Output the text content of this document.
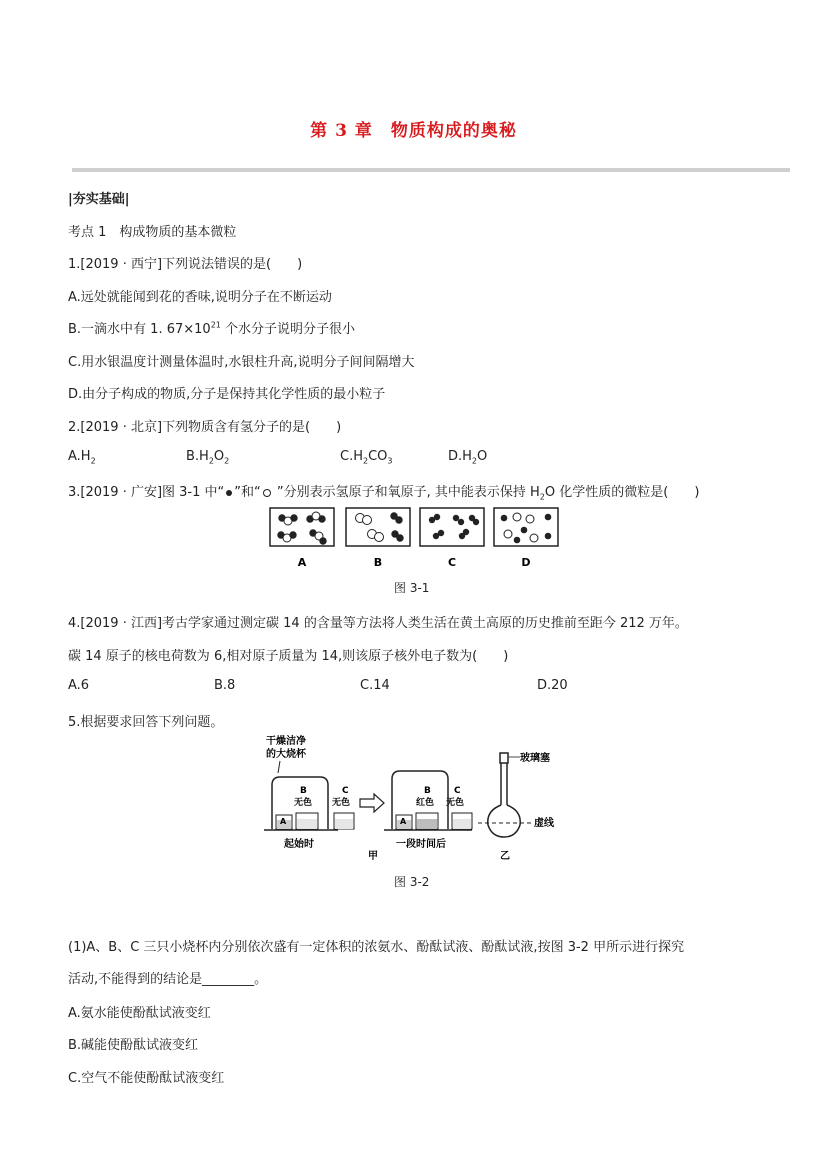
第 3 章　物质构成的奥秘
|夯实基础|
考点 1　构成物质的基本微粒
1.[2019 · 西宁]下列说法错误的是(　　)
A.远处就能闻到花的香味,说明分子在不断运动
B.一滴水中有 1. $67\times 10^{21}$ 个水分子说明分子很小
C.用水银温度计测量体温时,水银柱升高,说明分子间间隔增大
D.由分子构成的物质,分子是保持其化学性质的最小粒子
2.[2019 · 北京]下列物质含有氢分子的是(　　)
$A.H_2$	$B.H_2O_2$	$C.H_2CO_3$	$D.H_2O$
3.[2019 · 广安]图 3-1 中“ ”和“ ”分别表示氢原子和氧原子, 其中能表示保持 $H_2O$ 化学性质的微粒是(　　)
A	B	C	D
图 3-1
4.[2019 · 江西]考古学家通过测定碳 14 的含量等方法将人类生活在黄土高原的历史推前至距今 212 万年。
碳 14 原子的核电荷数为 6,相对原子质量为 14,则该原子核外电子数为(　　)
A.6	B.8	C.14	D.20
5.根据要求回答下列问题。
干燥洁净
的大烧杯
A
B
无色
C
无色
起始时
A
B
红色
C
无色
一段时间后
甲
玻璃塞
虚线
乙
图 3-2
(1)A、B、C 三只小烧杯内分别依次盛有一定体积的浓氨水、酚酞试液、酚酞试液,按图 3-2 甲所示进行探究
活动,不能得到的结论是________。
A.氨水能使酚酞试液变红
B.碱能使酚酞试液变红
C.空气不能使酚酞试液变红
